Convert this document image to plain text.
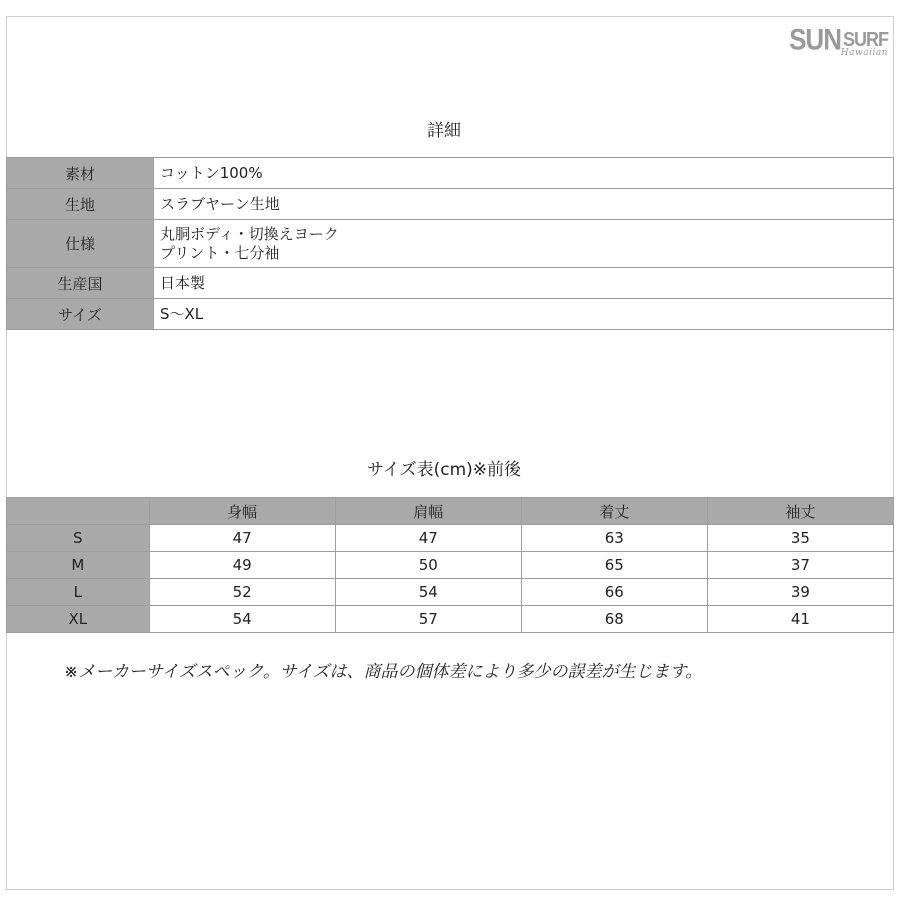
SUN $^{SURF}$
Hawaiian
詳細
素材	コットン100%

生地	スラブヤーン生地

仕様	丸胴ボディ・切換えヨーク
プリント・七分袖

生産国	日本製

サイズ	S〜XL
サイズ表(cm)※前後
	身幅	肩幅	着丈	袖丈
S	47	47	63	35
M	49	50	65	37
L	52	54	66	39
XL	54	57	68	41
※メーカーサイズスペック。サイズは、商品の個体差により多少の誤差が生じます。
